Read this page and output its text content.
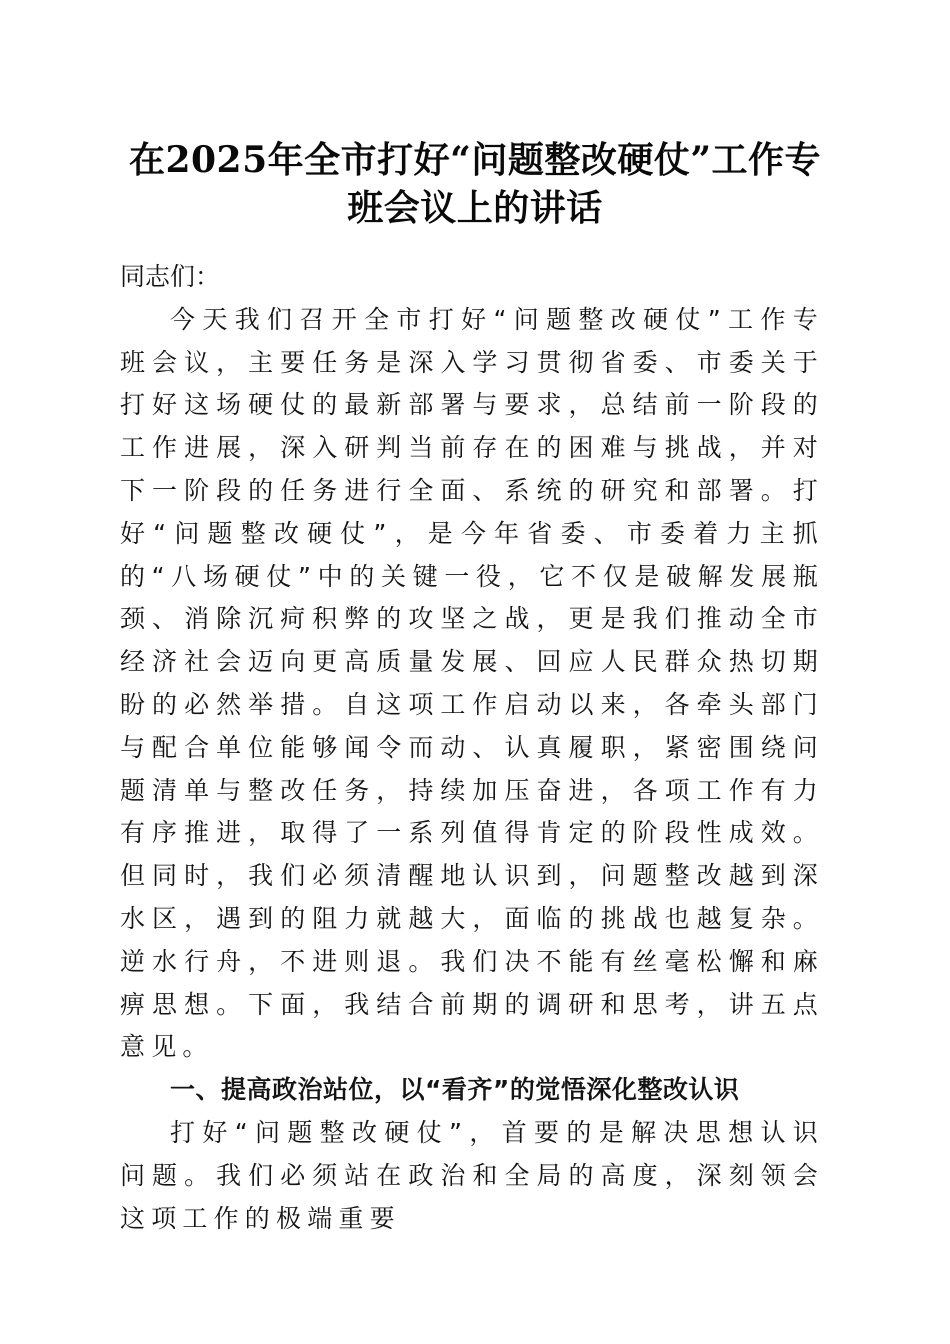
在2025年全市打好“问题整改硬仗”工作专班会议上的讲话

同志们：

今天我们召开全市打好“问题整改硬仗”工作专班会议，主要任务是深入学习贯彻省委、市委关于打好这场硬仗的最新部署与要求，总结前一阶段的工作进展，深入研判当前存在的困难与挑战，并对下一阶段的任务进行全面、系统的研究和部署。打好“问题整改硬仗”，是今年省委、市委着力主抓的“八场硬仗”中的关键一役，它不仅是破解发展瓶颈、消除沉疴积弊的攻坚之战，更是我们推动全市经济社会迈向更高质量发展、回应人民群众热切期盼的必然举措。自这项工作启动以来，各牵头部门与配合单位能够闻令而动、认真履职，紧密围绕问题清单与整改任务，持续加压奋进，各项工作有力有序推进，取得了一系列值得肯定的阶段性成效。但同时，我们必须清醒地认识到，问题整改越到深水区，遇到的阻力就越大，面临的挑战也越复杂。逆水行舟，不进则退。我们决不能有丝毫松懈和麻痹思想。下面，我结合前期的调研和思考，讲五点意见。

一、提高政治站位，以“看齐”的觉悟深化整改认识

打好“问题整改硬仗”，首要的是解决思想认识问题。我们必须站在政治和全局的高度，深刻领会这项工作的极端重要
